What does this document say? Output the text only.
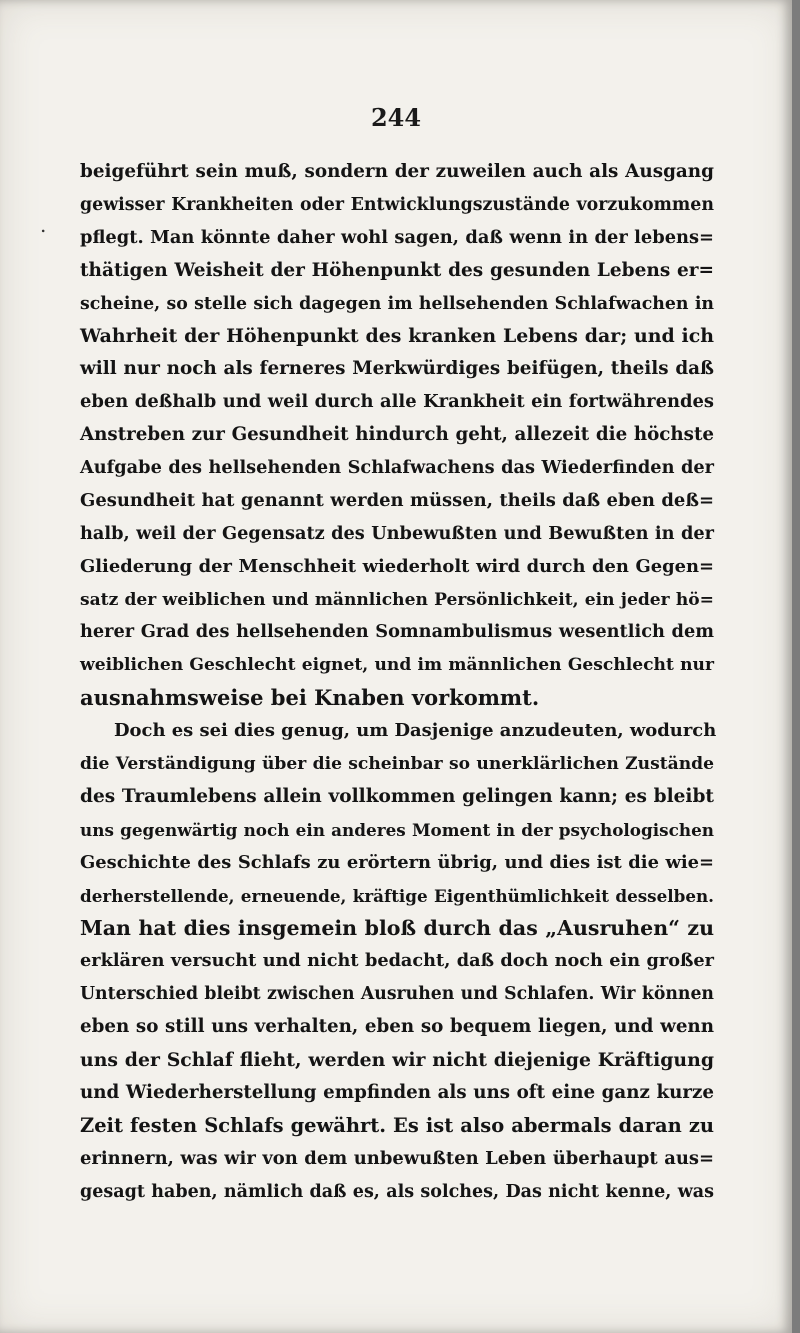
244
.
beigeführt sein muß, sondern der zuweilen auch als Ausgang
gewisser Krankheiten oder Entwicklungszustände vorzukommen
pflegt. Man könnte daher wohl sagen, daß wenn in der lebens=
thätigen Weisheit der Höhenpunkt des gesunden Lebens er=
scheine, so stelle sich dagegen im hellsehenden Schlafwachen in
Wahrheit der Höhenpunkt des kranken Lebens dar; und ich
will nur noch als ferneres Merkwürdiges beifügen, theils daß
eben deßhalb und weil durch alle Krankheit ein fortwährendes
Anstreben zur Gesundheit hindurch geht, allezeit die höchste
Aufgabe des hellsehenden Schlafwachens das Wiederfinden der
Gesundheit hat genannt werden müssen, theils daß eben deß=
halb, weil der Gegensatz des Unbewußten und Bewußten in der
Gliederung der Menschheit wiederholt wird durch den Gegen=
satz der weiblichen und männlichen Persönlichkeit, ein jeder hö=
herer Grad des hellsehenden Somnambulismus wesentlich dem
weiblichen Geschlecht eignet, und im männlichen Geschlecht nur
ausnahmsweise bei Knaben vorkommt.
Doch es sei dies genug, um Dasjenige anzudeuten, wodurch
die Verständigung über die scheinbar so unerklärlichen Zustände
des Traumlebens allein vollkommen gelingen kann; es bleibt
uns gegenwärtig noch ein anderes Moment in der psychologischen
Geschichte des Schlafs zu erörtern übrig, und dies ist die wie=
derherstellende, erneuende, kräftige Eigenthümlichkeit desselben.
Man hat dies insgemein bloß durch das „Ausruhen“ zu
erklären versucht und nicht bedacht, daß doch noch ein großer
Unterschied bleibt zwischen Ausruhen und Schlafen. Wir können
eben so still uns verhalten, eben so bequem liegen, und wenn
uns der Schlaf flieht, werden wir nicht diejenige Kräftigung
und Wiederherstellung empfinden als uns oft eine ganz kurze
Zeit festen Schlafs gewährt. Es ist also abermals daran zu
erinnern, was wir von dem unbewußten Leben überhaupt aus=
gesagt haben, nämlich daß es, als solches, Das nicht kenne, was
